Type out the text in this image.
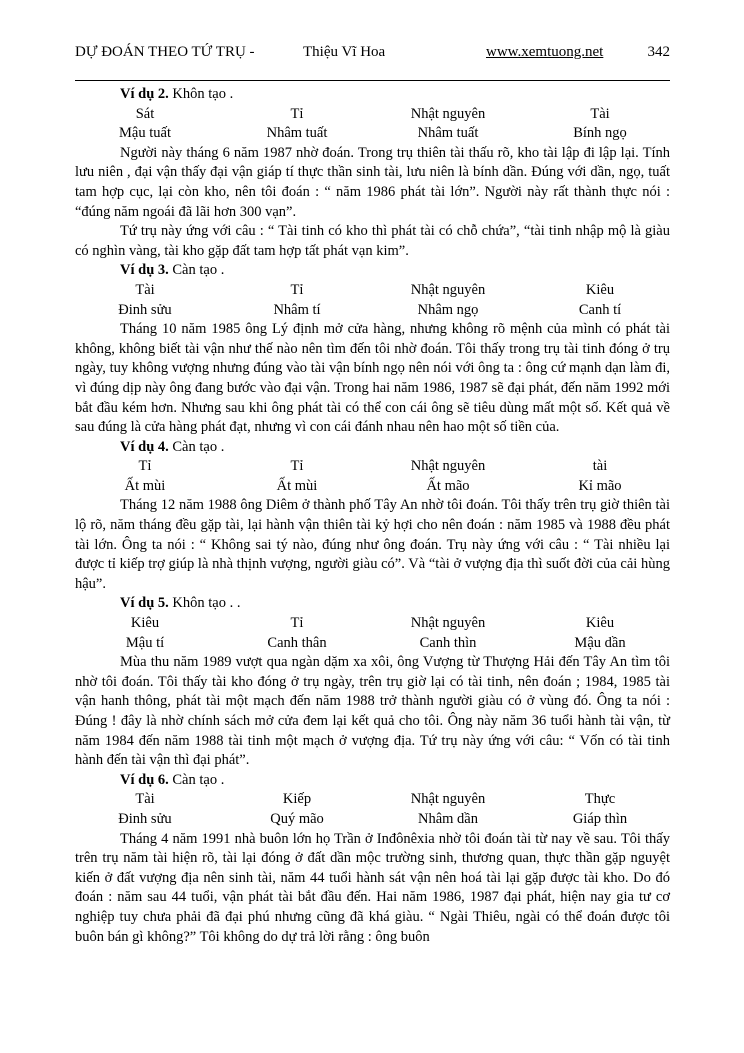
DỰ ĐOÁN THEO TỨ TRỤ -	Thiệu Vĩ Hoa	www.xemtuong.net	342
Ví dụ 2. Khôn tạo .
Sát	Tỉ	Nhật nguyên	Tài
Mậu tuất	Nhâm tuất	Nhâm tuất	Bính ngọ

Người này tháng 6 năm 1987 nhờ đoán. Trong trụ thiên tài thấu rõ, kho tài lập đi lập lại. Tính lưu niên , đại vận thấy đại vận giáp tí thực thần sinh tài, lưu niên là bính dần. Đúng với dần, ngọ, tuất tam hợp cục, lại còn kho, nên tôi đoán : “ năm 1986 phát tài lớn”. Người này rất thành thực nói : “đúng năm ngoái đã lãi hơn 300 vạn”.

Tứ trụ này ứng với câu : “ Tài tinh có kho thì phát tài có chỗ chứa”, “tài tinh nhập mộ là giàu có nghìn vàng, tài kho gặp đất tam hợp tất phát vạn kim”.

Ví dụ 3. Càn tạo .
Tài	Tỉ	Nhật nguyên	Kiêu
Đinh sửu	Nhâm tí	Nhâm ngọ	Canh tí

Tháng 10 năm 1985 ông Lý định mở cửa hàng, nhưng không rõ mệnh của mình có phát tài không, không biết tài vận như thế nào nên tìm đến tôi nhờ đoán. Tôi thấy trong trụ tài tinh đóng ở trụ ngày, tuy không vượng nhưng đúng vào tài vận bính ngọ nên nói với ông ta : ông cứ mạnh dạn làm đi, vì đúng dịp này ông đang bước vào đại vận. Trong hai năm 1986, 1987 sẽ đại phát, đến năm 1992 mới bắt đầu kém hơn. Nhưng sau khi ông phát tài có thể con cái ông sẽ tiêu dùng mất một số. Kết quả về sau đúng là cửa hàng phát đạt, nhưng vì con cái đánh nhau nên hao một số tiền của.

Ví dụ 4. Càn tạo .
Tỉ	Tỉ	Nhật nguyên	tài
Ất mùi	Ất mùi	Ất mão	Kỉ mão

Tháng 12 năm 1988 ông Diêm ở thành phố Tây An nhờ tôi đoán. Tôi thấy trên trụ giờ thiên tài lộ rõ, năm tháng đều gặp tài, lại hành vận thiên tài kỷ hợi cho nên đoán : năm 1985 và 1988 đều phát tài lớn. Ông ta nói : “ Không sai tý nào, đúng như ông đoán. Trụ này ứng với câu : “ Tài nhiều lại được tỉ kiếp trợ giúp là nhà thịnh vượng, người giàu có”. Và “tài ở vượng địa thì suốt đời của cải hùng hậu”.

Ví dụ 5. Khôn tạo . .
Kiêu	Tỉ	Nhật nguyên	Kiêu
Mậu tí	Canh thân	Canh thìn	Mậu dần

Mùa thu năm 1989 vượt qua ngàn dặm xa xôi, ông Vượng từ Thượng Hải đến Tây An tìm tôi nhờ tôi đoán. Tôi thấy tài kho đóng ở trụ ngày, trên trụ giờ lại có tài tinh, nên đoán ; 1984, 1985 tài vận hanh thông, phát tài một mạch đến năm 1988 trở thành người giàu có ở vùng đó. Ông ta nói : Đúng ! đây là nhờ chính sách mở cửa đem lại kết quả cho tôi. Ông này năm 36 tuổi hành tài vận, từ năm 1984 đến năm 1988 tài tinh một mạch ở vượng địa. Tứ trụ này ứng với câu: “ Vốn có tài tinh hành đến tài vận thì đại phát”.

Ví dụ 6. Càn tạo .
Tài	Kiếp	Nhật nguyên	Thực
Đinh sửu	Quý mão	Nhâm dần	Giáp thìn

Tháng 4 năm 1991 nhà buôn lớn họ Trần ở Inđônêxia nhờ tôi đoán tài từ nay về sau. Tôi thấy trên trụ năm tài hiện rõ, tài lại đóng ở đất dần mộc trường sinh, thương quan, thực thần gặp nguyệt kiến ở đất vượng địa nên sinh tài, năm 44 tuổi hành sát vận nên hoá tài lại gặp được tài kho. Do đó đoán : năm sau 44 tuổi, vận phát tài bắt đầu đến. Hai năm 1986, 1987 đại phát, hiện nay gia tư cơ nghiệp tuy chưa phải đã đại phú nhưng cũng đã khá giàu. “ Ngài Thiêu, ngài có thể đoán được tôi buôn bán gì không?” Tôi không do dự trả lời rằng : ông buôn
